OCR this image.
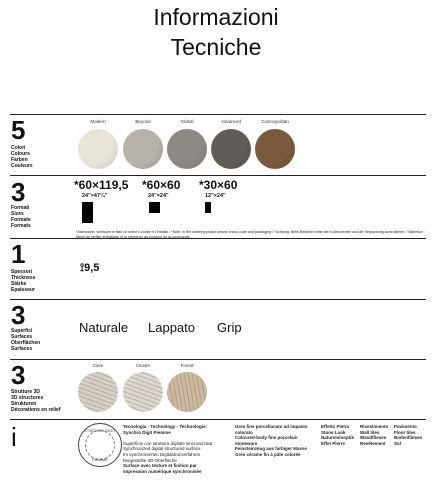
Informazioni
Tecniche
5
Colori
Colours
Farben
Couleurs
Modern	Beyond	Global	Advanced	Cosmopolitan
3
Formati
Sizes
Formate
Formats
*60×119,5
24"×47¼"
*60×60
24"×24"
*30×60
12"×24"
*Attenzione: verificare in fase di ordine il codice e l'imballo / *Note: In the ordering phase please check code and packaging / *Achtung: Beim Bestellen bitte die Kodenummer und die Verpackung kontrollieren / *Attention : Merci de vérifier emballage et la référence au moment de la commande
1
Spessori
Thickness
Stärke
Epaisseur
⟟9,5
3
Superfici
Surfaces
Oberflächen
Surfaces
Naturale Lappato Grip
3
Strutture 3D
3D structures
Strukturen
Décorations en relief
Cave	Cluster	Forest
i	SYNCHRO DIGIT
PIEMME
Tecnologia - Technology - Technologie:
Synchro Digit Piemme

Superficie con struttura digitale sincronizzata
Synchronized digital structured surface
Im synchronierten Digitaldrucverfahren
hergestellte 3D-Oberfläche
Surface avec texture et finition par
impression numérique synchronisée
Gres fine porcellanato ad impasto colorato
Coloured-body fine porcelain stoneware
Feinsteinzeug aus farbiger Masse
Grès cérame fin à pâte colorée
Effetto Pietra
Stone Look
Natursteinoptik
Effet Pierre
Rivestimento
Wall tiles
Wandfliesen
Revêtement
Pavimento
Floor tiles
Bodenfliesen
Sol
